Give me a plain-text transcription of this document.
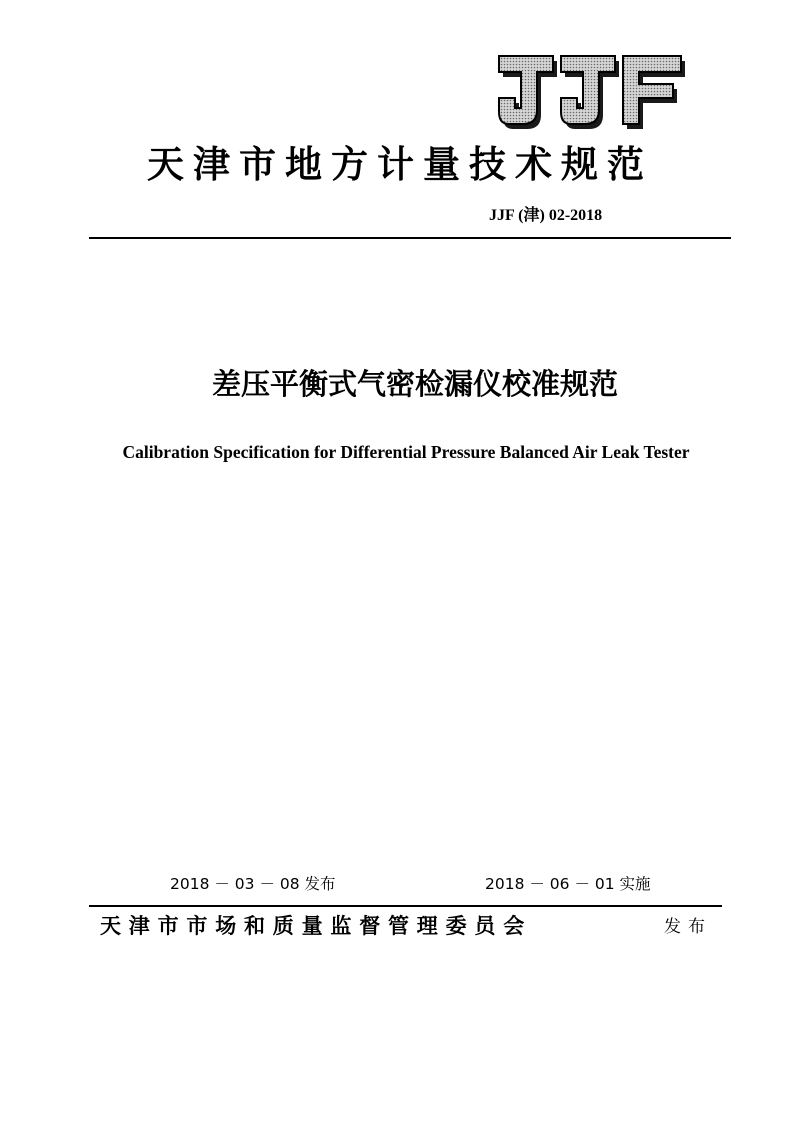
天津市地方计量技术规范
JJF (津) 02-2018
差压平衡式气密检漏仪校准规范
Calibration Specification for Differential Pressure Balanced Air Leak Tester
2018 － 03 － 08 发布	2018 － 06 － 01 实施
天津市市场和质量监督管理委员会	发布
